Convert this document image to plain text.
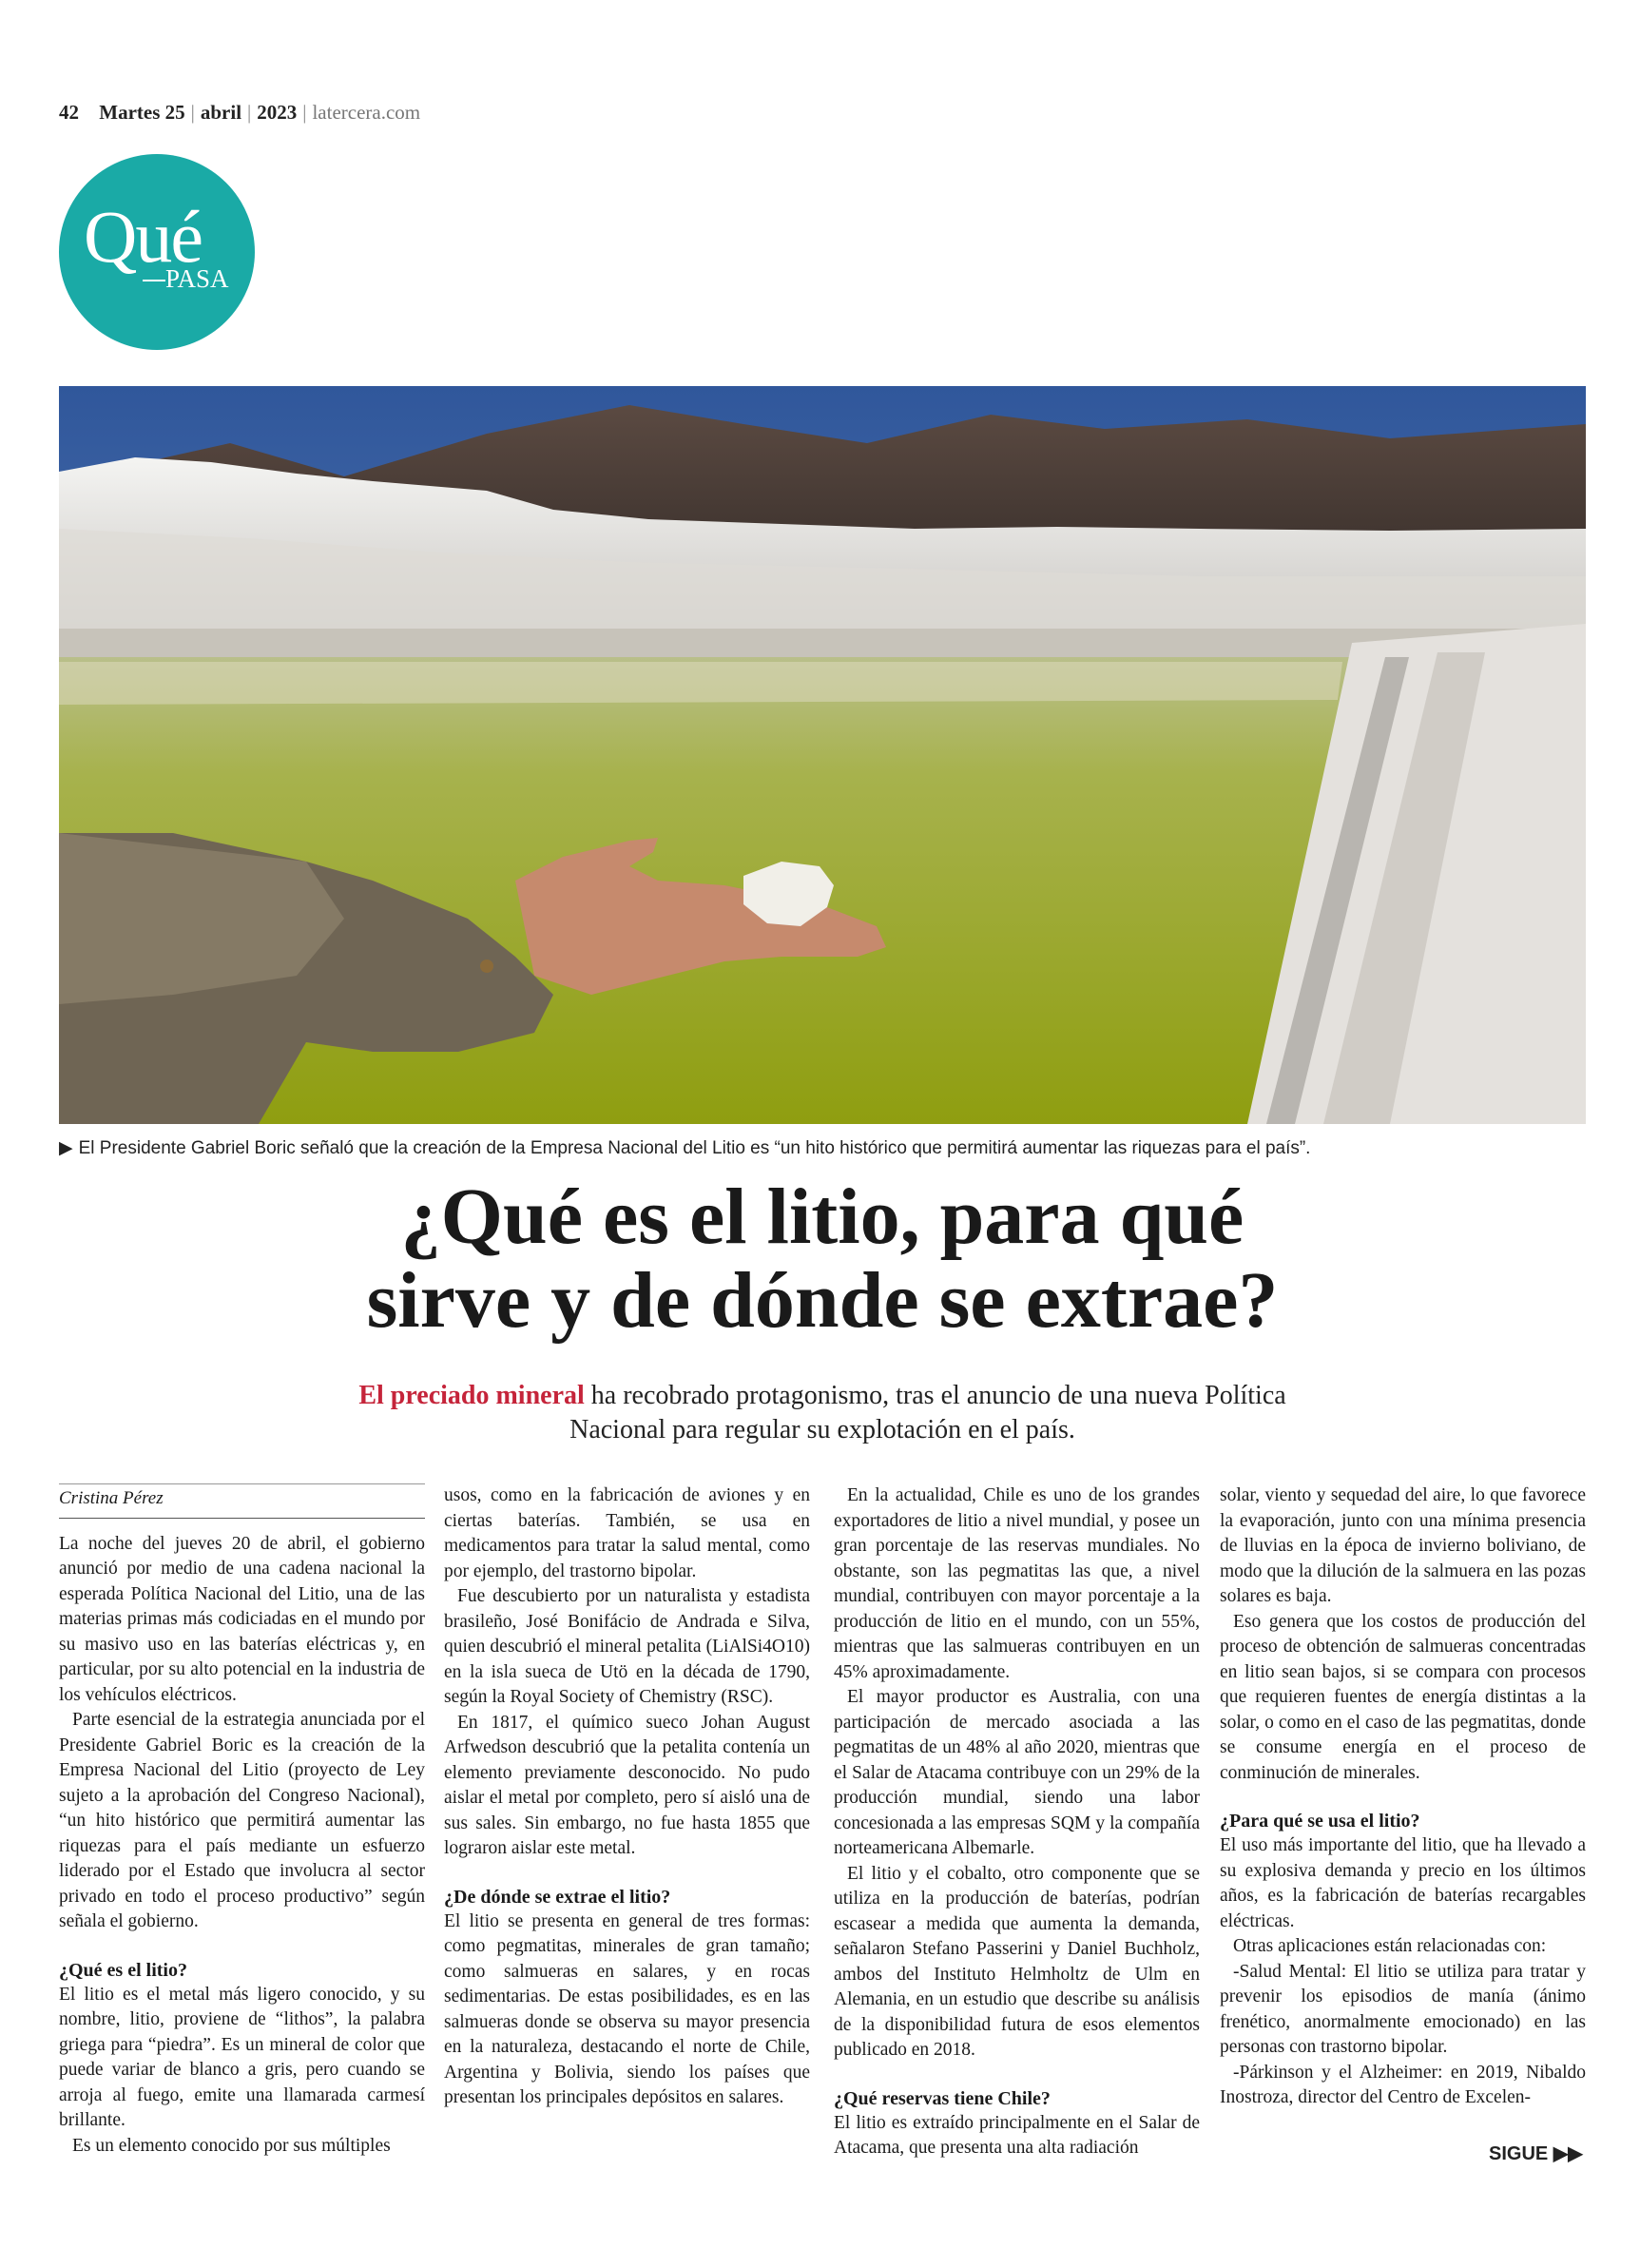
42 Martes 25 | abril | 2023 | latercera.com
Qué
PASA
▶ El Presidente Gabriel Boric señaló que la creación de la Empresa Nacional del Litio es “un hito histórico que permitirá aumentar las riquezas para el país”.
¿Qué es el litio, para qué
sirve y de dónde se extrae?
El preciado mineral ha recobrado protagonismo, tras el anuncio de una nueva Política
Nacional para regular su explotación en el país.
Cristina Pérez

La noche del jueves 20 de abril, el gobierno anunció por medio de una cadena nacional la esperada Política Nacional del Litio, una de las materias primas más codiciadas en el mundo por su masivo uso en las baterías eléctricas y, en particular, por su alto potencial en la industria de los vehículos eléctricos.

Parte esencial de la estrategia anunciada por el Presidente Gabriel Boric es la creación de la Empresa Nacional del Litio (proyecto de Ley sujeto a la aprobación del Congreso Nacional), “un hito histórico que permitirá aumentar las riquezas para el país mediante un esfuerzo liderado por el Estado que involucra al sector privado en todo el proceso productivo” según señala el gobierno.

¿Qué es el litio?

El litio es el metal más ligero conocido, y su nombre, litio, proviene de “lithos”, la palabra griega para “piedra”. Es un mineral de color que puede variar de blanco a gris, pero cuando se arroja al fuego, emite una llamarada carmesí brillante.

Es un elemento conocido por sus múltiples

usos, como en la fabricación de aviones y en ciertas baterías. También, se usa en medicamentos para tratar la salud mental, como por ejemplo, del trastorno bipolar.

Fue descubierto por un naturalista y estadista brasileño, José Bonifácio de Andrada e Silva, quien descubrió el mineral petalita (LiAlSi4O10) en la isla sueca de Utö en la década de 1790, según la Royal Society of Chemistry (RSC).

En 1817, el químico sueco Johan August Arfwedson descubrió que la petalita contenía un elemento previamente desconocido. No pudo aislar el metal por completo, pero sí aisló una de sus sales. Sin embargo, no fue hasta 1855 que lograron aislar este metal.

¿De dónde se extrae el litio?

El litio se presenta en general de tres formas: como pegmatitas, minerales de gran tamaño; como salmueras en salares, y en rocas sedimentarias. De estas posibilidades, es en las salmueras donde se observa su mayor presencia en la naturaleza, destacando el norte de Chile, Argentina y Bolivia, siendo los países que presentan los principales depósitos en salares.

En la actualidad, Chile es uno de los grandes exportadores de litio a nivel mundial, y posee un gran porcentaje de las reservas mundiales. No obstante, son las pegmatitas las que, a nivel mundial, contribuyen con mayor porcentaje a la producción de litio en el mundo, con un 55%, mientras que las salmueras contribuyen en un 45% aproximadamente.

El mayor productor es Australia, con una participación de mercado asociada a las pegmatitas de un 48% al año 2020, mientras que el Salar de Atacama contribuye con un 29% de la producción mundial, siendo una labor concesionada a las empresas SQM y la compañía norteamericana Albemarle.

El litio y el cobalto, otro componente que se utiliza en la producción de baterías, podrían escasear a medida que aumenta la demanda, señalaron Stefano Passerini y Daniel Buchholz, ambos del Instituto Helmholtz de Ulm en Alemania, en un estudio que describe su análisis de la disponibilidad futura de esos elementos publicado en 2018.

¿Qué reservas tiene Chile?

El litio es extraído principalmente en el Salar de Atacama, que presenta una alta radiación

solar, viento y sequedad del aire, lo que favorece la evaporación, junto con una mínima presencia de lluvias en la época de invierno boliviano, de modo que la dilución de la salmuera en las pozas solares es baja.

Eso genera que los costos de producción del proceso de obtención de salmueras concentradas en litio sean bajos, si se compara con procesos que requieren fuentes de energía distintas a la solar, o como en el caso de las pegmatitas, donde se consume energía en el proceso de conminución de minerales.

¿Para qué se usa el litio?

El uso más importante del litio, que ha llevado a su explosiva demanda y precio en los últimos años, es la fabricación de baterías recargables eléctricas.

Otras aplicaciones están relacionadas con:

-Salud Mental: El litio se utiliza para tratar y prevenir los episodios de manía (ánimo frenético, anormalmente emocionado) en las personas con trastorno bipolar.

-Párkinson y el Alzheimer: en 2019, Nibaldo Inostroza, director del Centro de Excelen-

SIGUE ▶▶
